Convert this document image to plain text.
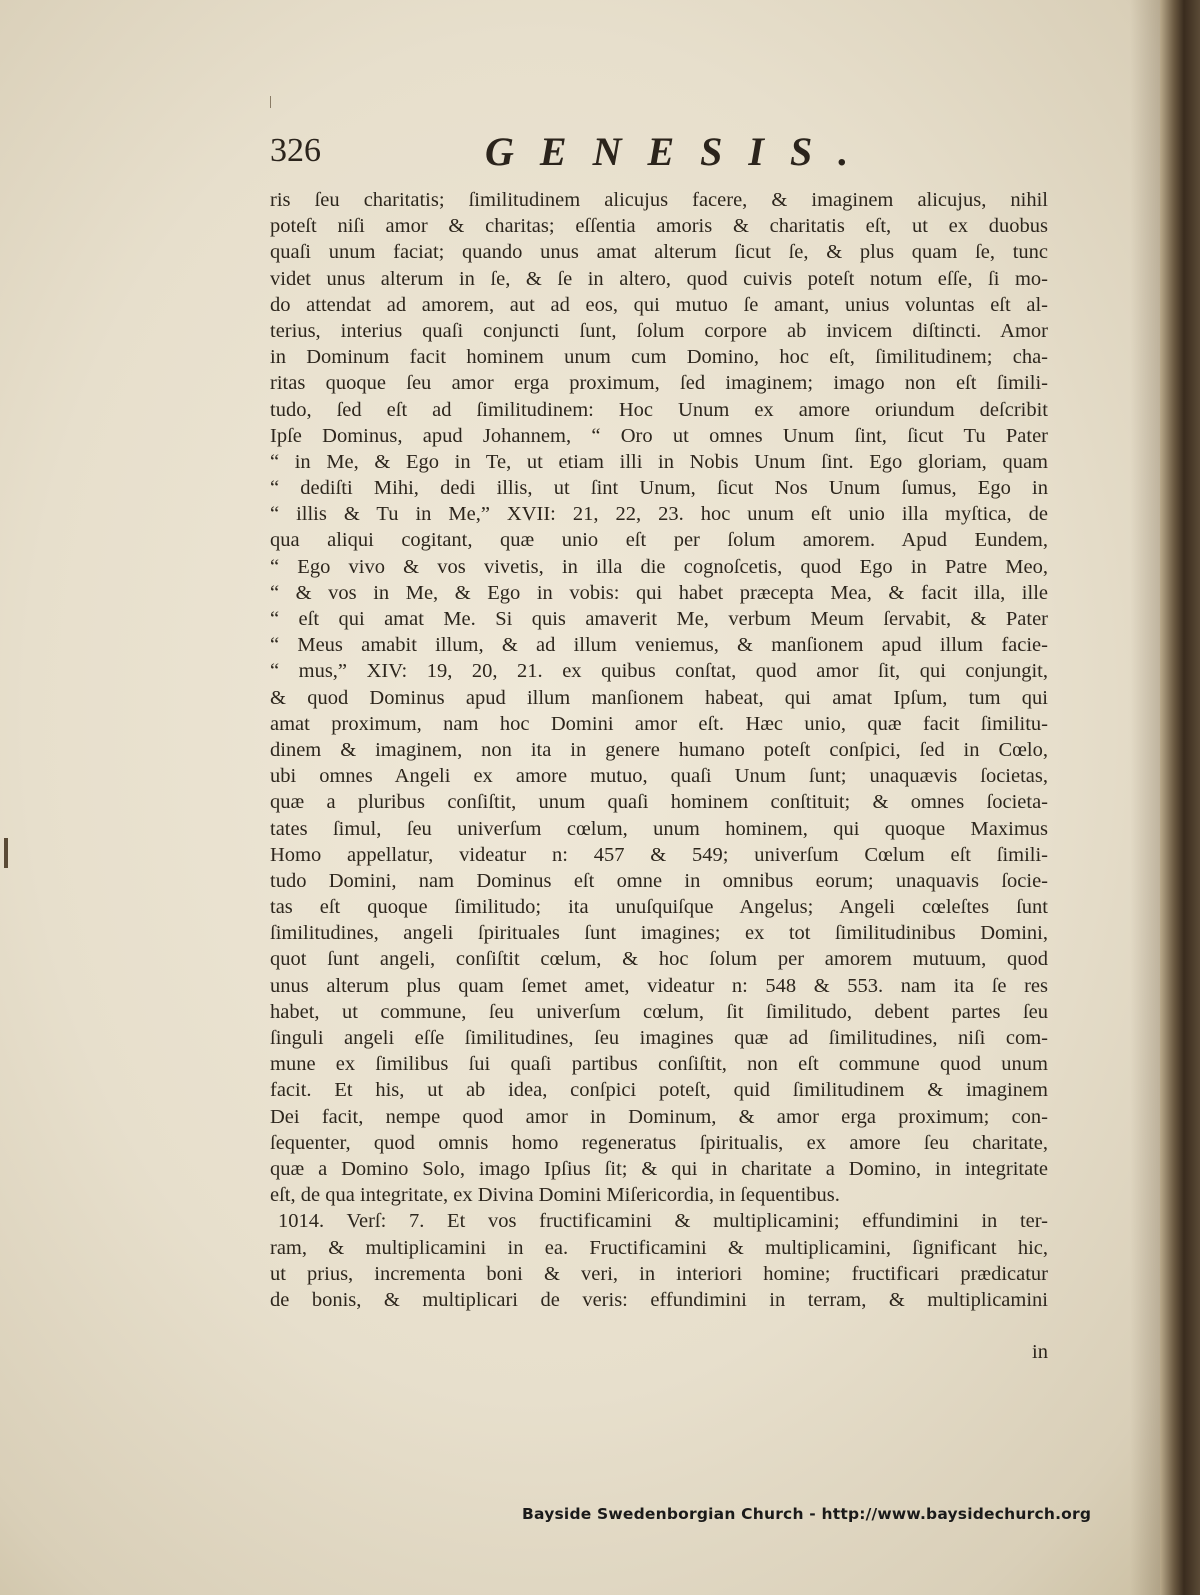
326	GENESIS.
ris ſeu charitatis; ſimilitudinem alicujus facere, & imaginem alicujus, nihil
poteſt niſi amor & charitas; eſſentia amoris & charitatis eſt, ut ex duobus
quaſi unum faciat; quando unus amat alterum ſicut ſe, & plus quam ſe, tunc
videt unus alterum in ſe, & ſe in altero, quod cuivis poteſt notum eſſe, ſi mo-
do attendat ad amorem, aut ad eos, qui mutuo ſe amant, unius voluntas eſt al-
terius, interius quaſi conjuncti ſunt, ſolum corpore ab invicem diſtincti. Amor
in Dominum facit hominem unum cum Domino, hoc eſt, ſimilitudinem; cha-
ritas quoque ſeu amor erga proximum, ſed imaginem; imago non eſt ſimili-
tudo, ſed eſt ad ſimilitudinem: Hoc Unum ex amore oriundum deſcribit
Ipſe Dominus, apud Johannem, “ Oro ut omnes Unum ſint, ſicut Tu Pater
“ in Me, & Ego in Te, ut etiam illi in Nobis Unum ſint. Ego gloriam, quam
“ dediſti Mihi, dedi illis, ut ſint Unum, ſicut Nos Unum ſumus, Ego in
“ illis & Tu in Me,” XVII: 21, 22, 23. hoc unum eſt unio illa myſtica, de
qua aliqui cogitant, quæ unio eſt per ſolum amorem. Apud Eundem,
“ Ego vivo & vos vivetis, in illa die cognoſcetis, quod Ego in Patre Meo,
“ & vos in Me, & Ego in vobis: qui habet præcepta Mea, & facit illa, ille
“ eſt qui amat Me. Si quis amaverit Me, verbum Meum ſervabit, & Pater
“ Meus amabit illum, & ad illum veniemus, & manſionem apud illum facie-
“ mus,” XIV: 19, 20, 21. ex quibus conſtat, quod amor ſit, qui conjungit,
& quod Dominus apud illum manſionem habeat, qui amat Ipſum, tum qui
amat proximum, nam hoc Domini amor eſt. Hæc unio, quæ facit ſimilitu-
dinem & imaginem, non ita in genere humano poteſt conſpici, ſed in Cœlo,
ubi omnes Angeli ex amore mutuo, quaſi Unum ſunt; unaquævis ſocietas,
quæ a pluribus conſiſtit, unum quaſi hominem conſtituit; & omnes ſocieta-
tates ſimul, ſeu univerſum cœlum, unum hominem, qui quoque Maximus
Homo appellatur, videatur n: 457 & 549; univerſum Cœlum eſt ſimili-
tudo Domini, nam Dominus eſt omne in omnibus eorum; unaquavis ſocie-
tas eſt quoque ſimilitudo; ita unuſquiſque Angelus; Angeli cœleſtes ſunt
ſimilitudines, angeli ſpirituales ſunt imagines; ex tot ſimilitudinibus Domini,
quot ſunt angeli, conſiſtit cœlum, & hoc ſolum per amorem mutuum, quod
unus alterum plus quam ſemet amet, videatur n: 548 & 553. nam ita ſe res
habet, ut commune, ſeu univerſum cœlum, ſit ſimilitudo, debent partes ſeu
ſinguli angeli eſſe ſimilitudines, ſeu imagines quæ ad ſimilitudines, niſi com-
mune ex ſimilibus ſui quaſi partibus conſiſtit, non eſt commune quod unum
facit. Et his, ut ab idea, conſpici poteſt, quid ſimilitudinem & imaginem
Dei facit, nempe quod amor in Dominum, & amor erga proximum; con-
ſequenter, quod omnis homo regeneratus ſpiritualis, ex amore ſeu charitate,
quæ a Domino Solo, imago Ipſius ſit; & qui in charitate a Domino, in integritate
eſt, de qua integritate, ex Divina Domini Miſericordia, in ſequentibus.
1014. Verſ: 7. Et vos fructificamini & multiplicamini; effundimini in ter-
ram, & multiplicamini in ea. Fructificamini & multiplicamini, ſignificant hic,
ut prius, incrementa boni & veri, in interiori homine; fructificari prædicatur
de bonis, & multiplicari de veris: effundimini in terram, & multiplicamini
in
Bayside Swedenborgian Church - http://www.baysidechurch.org
